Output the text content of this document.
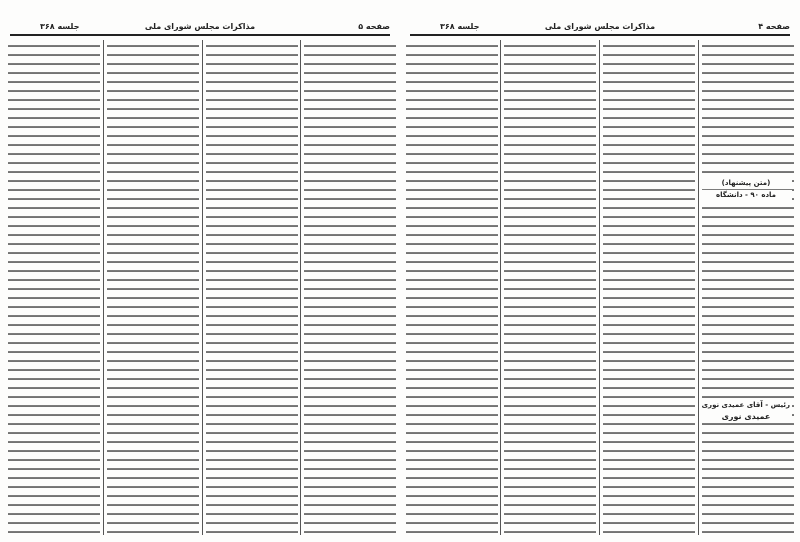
صفحه ۴
مذاکرات مجلس شورای ملی
جلسه ۳۶۸
(متن پیشنهاد)
ماده ۹۰ - دانشگاه
رئیس - آقای عمیدی نوری
عمیدی نوری
صفحه ۵
مذاکرات مجلس شورای ملی
جلسه ۳۶۸
